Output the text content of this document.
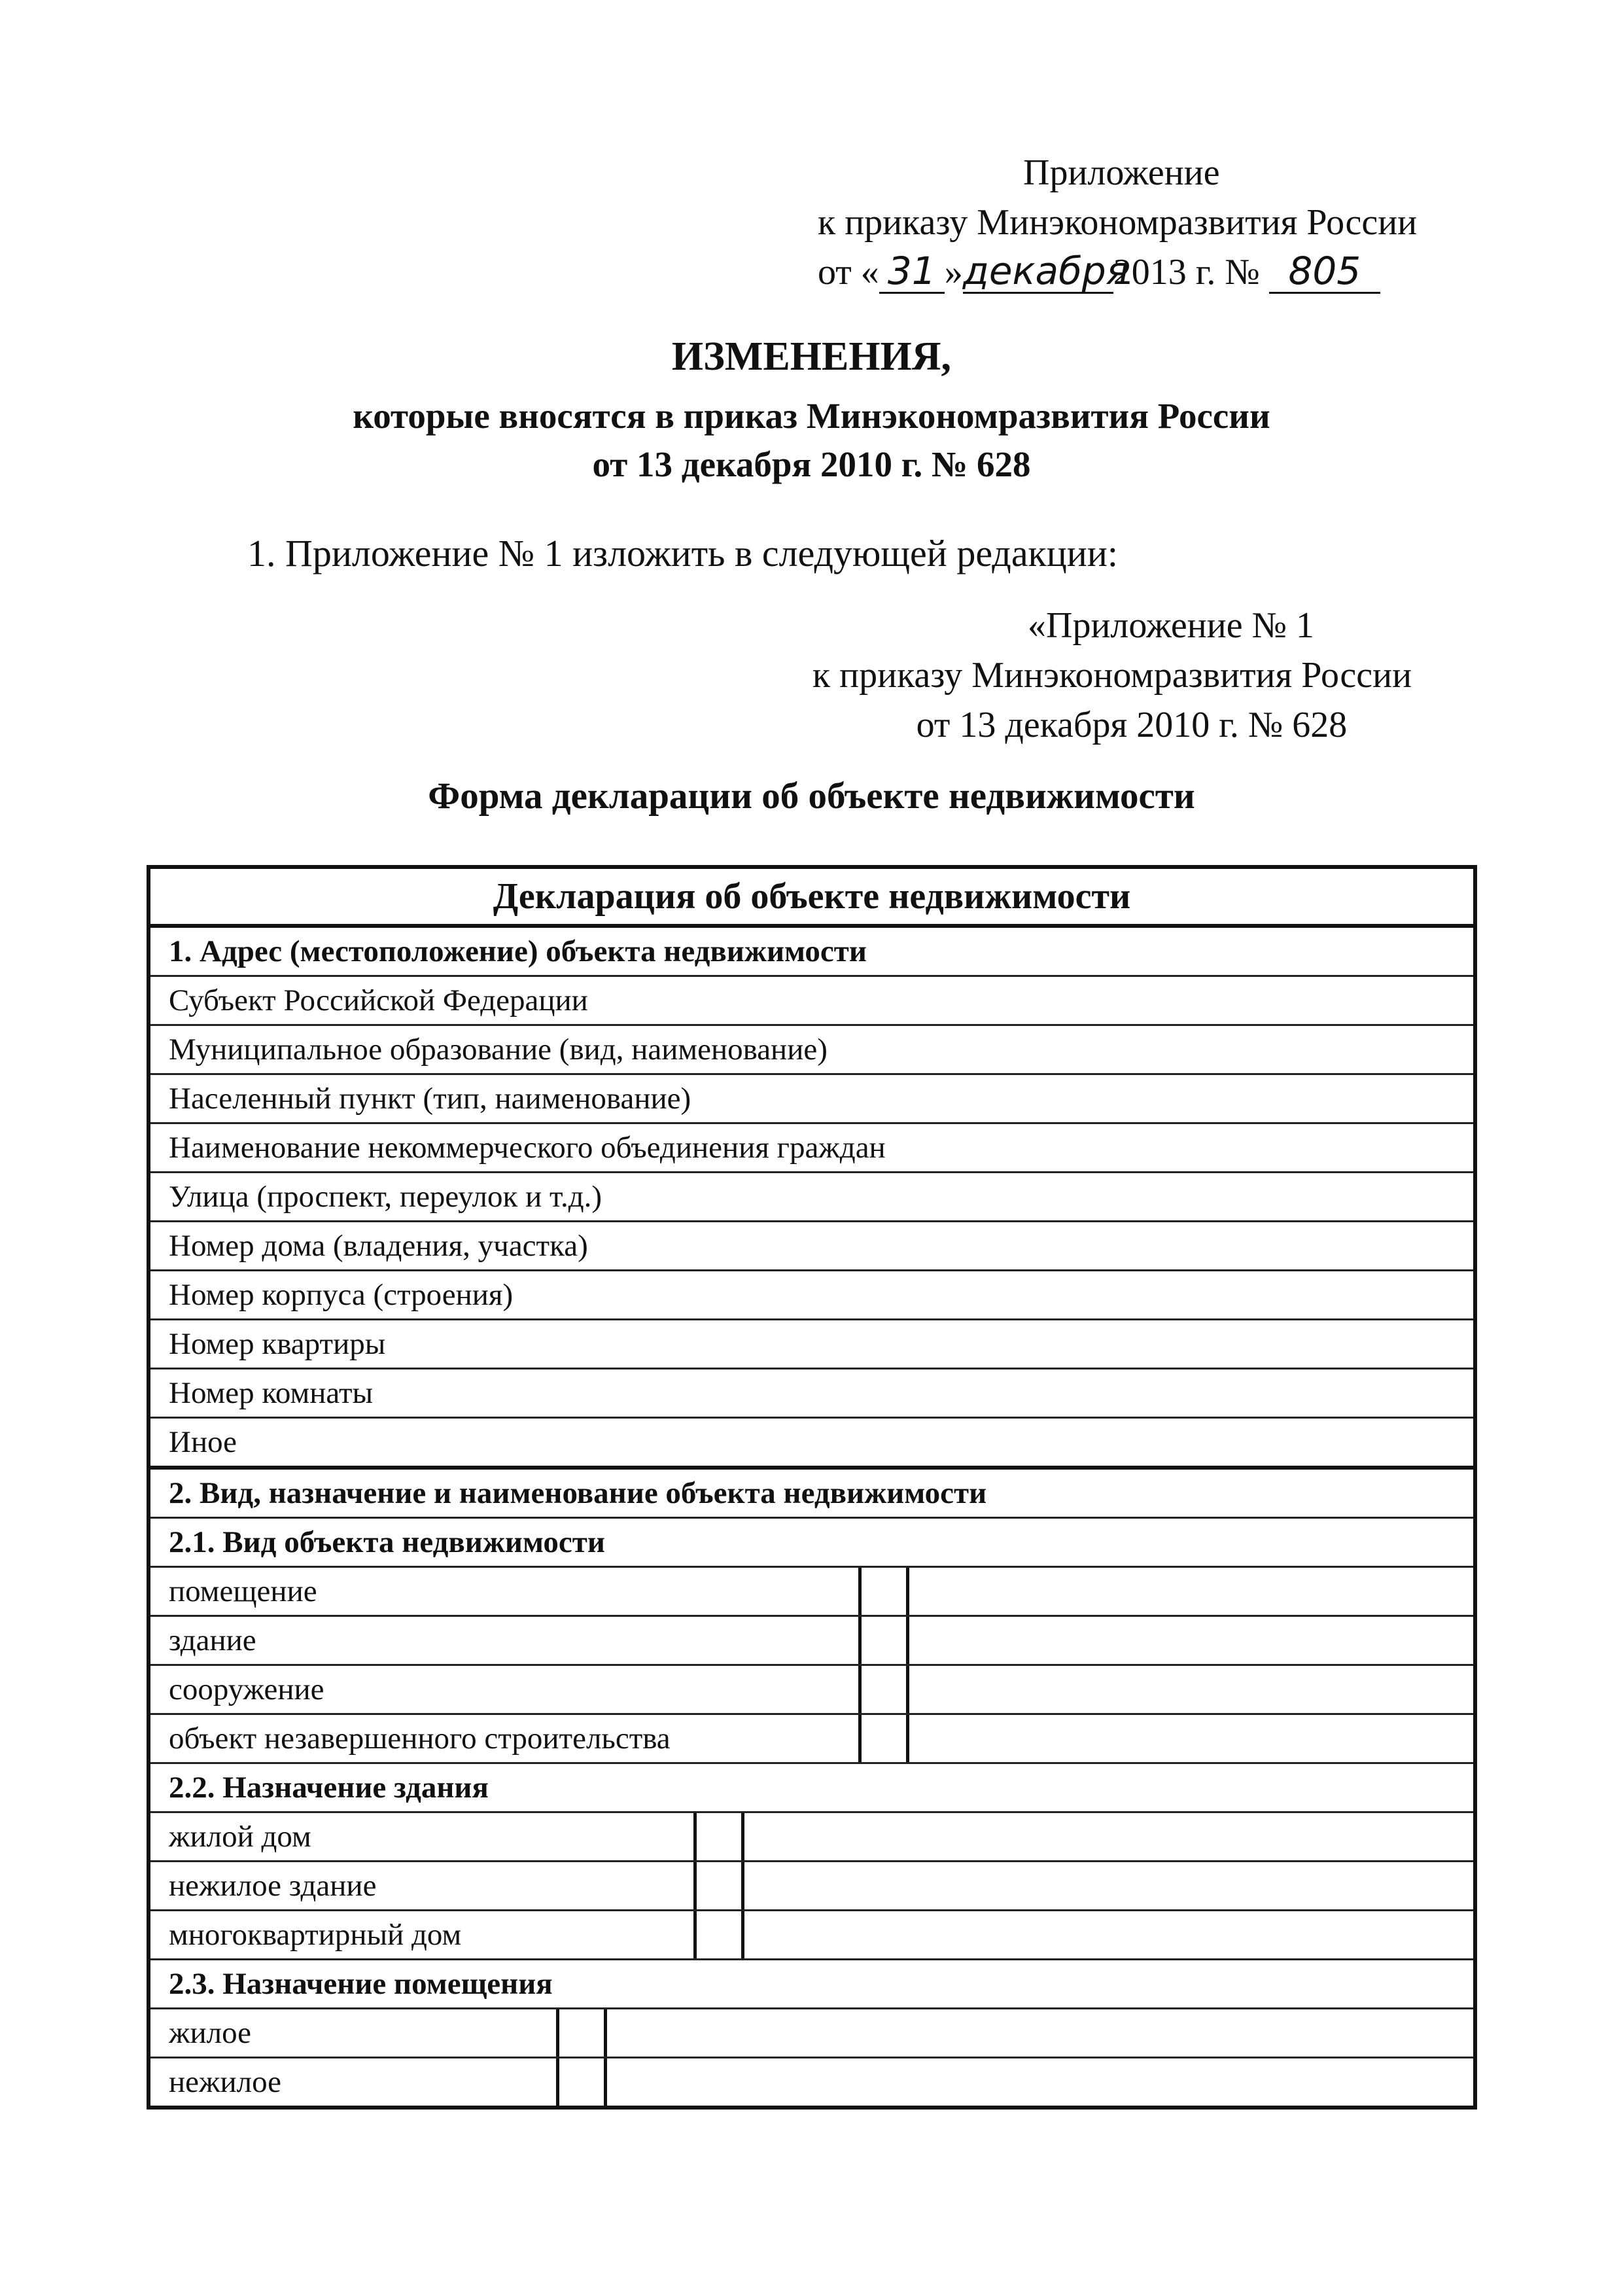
Приложение
к приказу Минэкономразвития России
от « 31 »декабря2013 г. № 805
ИЗМЕНЕНИЯ,
которые вносятся в приказ Минэкономразвития России
от 13 декабря 2010 г. № 628
1. Приложение № 1 изложить в следующей редакции:
«Приложение № 1
к приказу Минэкономразвития России
от 13 декабря 2010 г. № 628
Форма декларации об объекте недвижимости
Декларация об объекте недвижимости
1. Адрес (местоположение) объекта недвижимости
Субъект Российской Федерации
Муниципальное образование (вид, наименование)
Населенный пункт (тип, наименование)
Наименование некоммерческого объединения граждан
Улица (проспект, переулок и т.д.)
Номер дома (владения, участка)
Номер корпуса (строения)
Номер квартиры
Номер комнаты
Иное
2. Вид, назначение и наименование объекта недвижимости
2.1. Вид объекта недвижимости
помещение

здание

сооружение

объект незавершенного строительства

2.2. Назначение здания
жилой дом

нежилое здание

многоквартирный дом

2.3. Назначение помещения
жилое

нежилое
